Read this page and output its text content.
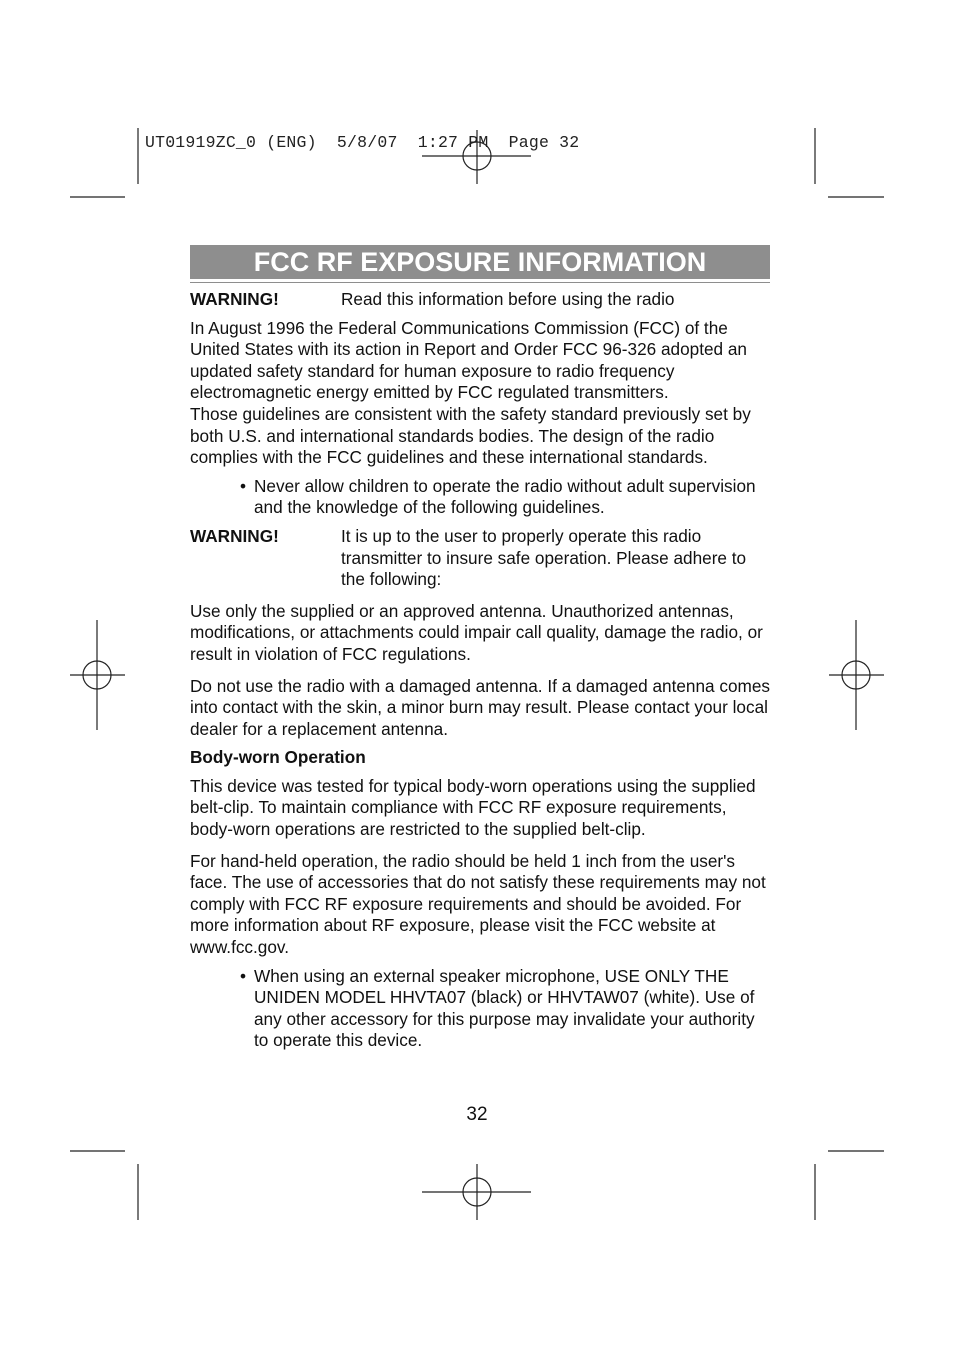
UT01919ZC_0 (ENG)  5/8/07  1:27 PM  Page 32
FCC RF EXPOSURE INFORMATION
WARNING!	Read this information before using the radio

In August 1996 the Federal Communications Commission (FCC) of the United States with its action in Report and Order FCC 96-326 adopted an updated safety standard for human exposure to radio frequency electromagnetic energy emitted by FCC regulated transmitters.

Those guidelines are consistent with the safety standard previously set by both U.S. and international standards bodies. The design of the radio complies with the FCC guidelines and these international standards.

• Never allow children to operate the radio without adult supervision and the knowledge of the following guidelines.
WARNING!	It is up to the user to properly operate this radio transmitter to insure safe operation. Please adhere to the following:

Use only the supplied or an approved antenna. Unauthorized antennas, modifications, or attachments could impair call quality, damage the radio, or result in violation of FCC regulations.

Do not use the radio with a damaged antenna. If a damaged antenna comes into contact with the skin, a minor burn may result. Please contact your local dealer for a replacement antenna.

Body-worn Operation

This device was tested for typical body-worn operations using the supplied belt-clip. To maintain compliance with FCC RF exposure requirements, body-worn operations are restricted to the supplied belt-clip.

For hand-held operation, the radio should be held 1 inch from the user's face. The use of accessories that do not satisfy these requirements may not comply with FCC RF exposure requirements and should be avoided. For more information about RF exposure, please visit the FCC website at www.fcc.gov.

• When using an external speaker microphone, USE ONLY THE UNIDEN MODEL HHVTA07 (black) or HHVTAW07 (white). Use of any other accessory for this purpose may invalidate your authority to operate this device.
32
